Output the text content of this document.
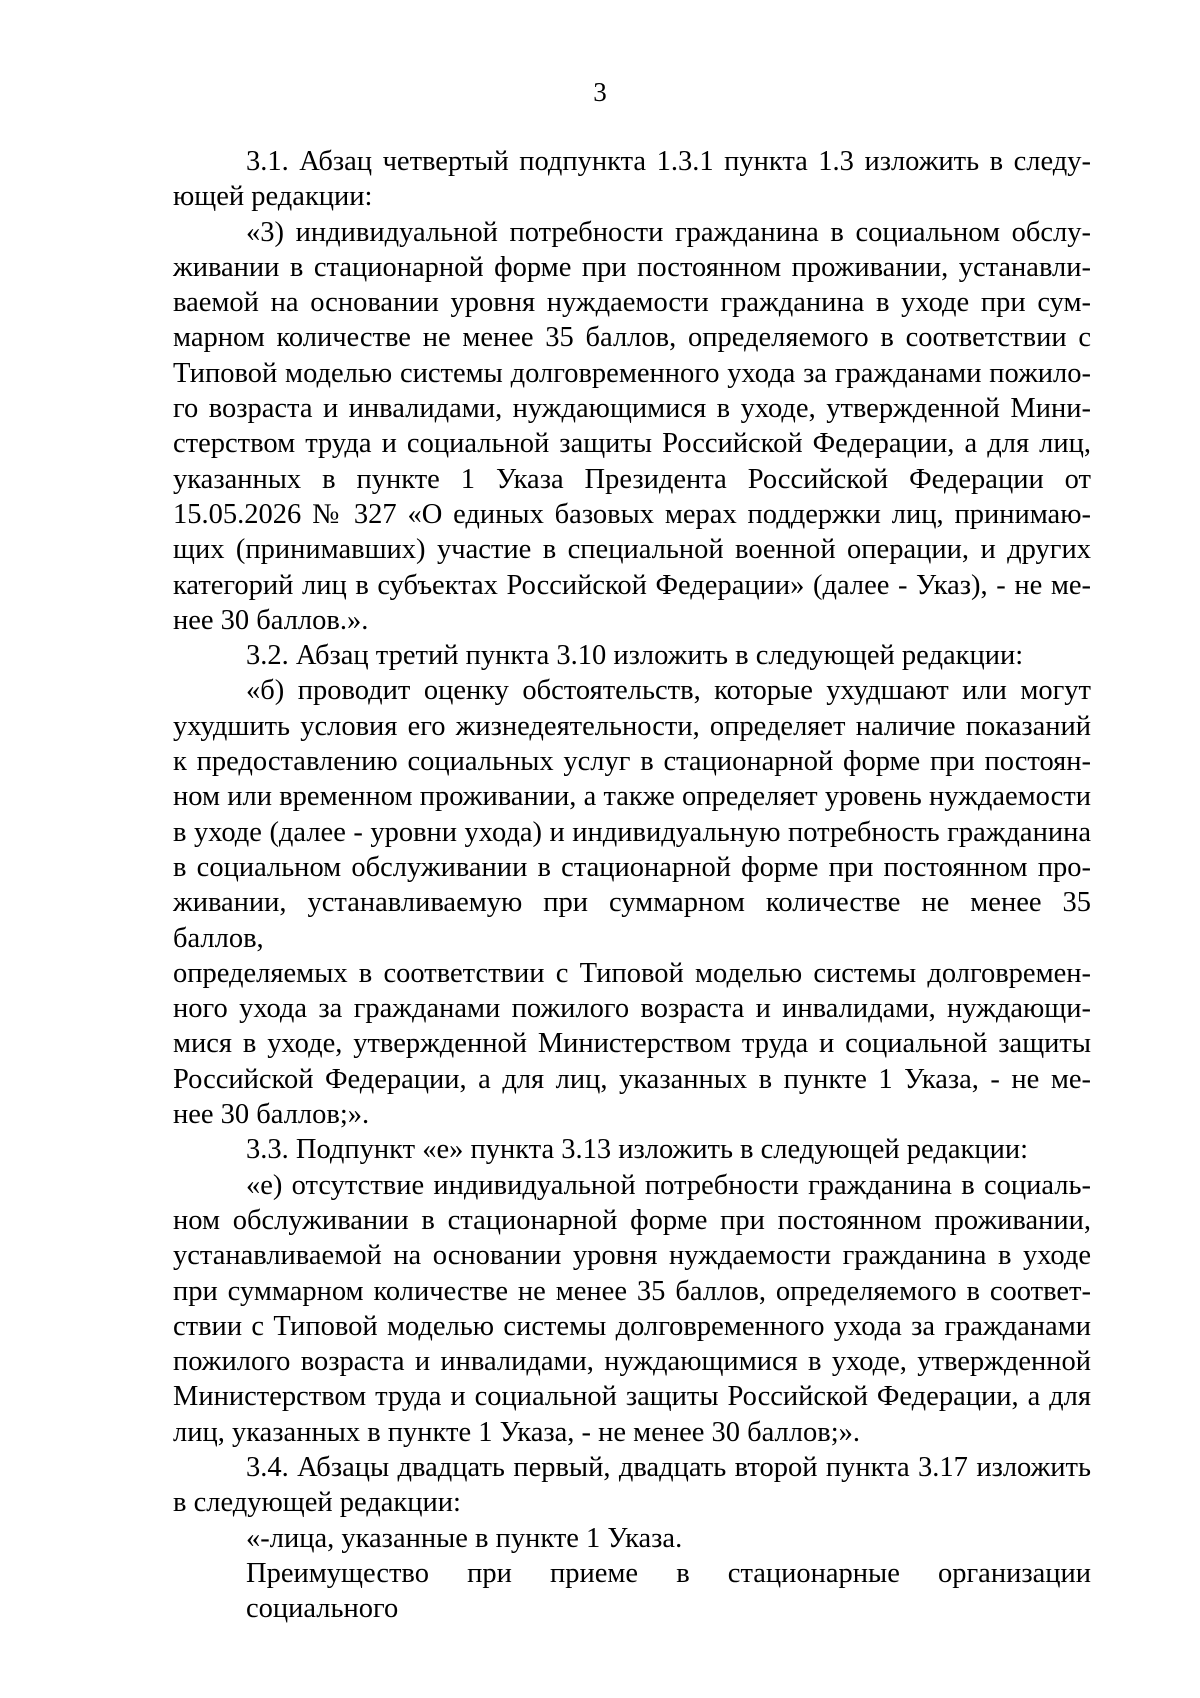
3
3.1. Абзац четвертый подпункта 1.3.1 пункта 1.3 изложить в следу-
ющей редакции:
«3) индивидуальной потребности гражданина в социальном обслу-
живании в стационарной форме при постоянном проживании, устанавли-
ваемой на основании уровня нуждаемости гражданина в уходе при сум-
марном количестве не менее 35 баллов, определяемого в соответствии с
Типовой моделью системы долговременного ухода за гражданами пожило-
го возраста и инвалидами, нуждающимися в уходе, утвержденной Мини-
стерством труда и социальной защиты Российской Федерации, а для лиц,
указанных в пункте 1 Указа Президента Российской Федерации от
15.05.2026 № 327 «О единых базовых мерах поддержки лиц, принимаю-
щих (принимавших) участие в специальной военной операции, и других
категорий лиц в субъектах Российской Федерации» (далее - Указ), - не ме-
нее 30 баллов.».
3.2. Абзац третий пункта 3.10 изложить в следующей редакции:
«б) проводит оценку обстоятельств, которые ухудшают или могут
ухудшить условия его жизнедеятельности, определяет наличие показаний
к предоставлению социальных услуг в стационарной форме при постоян-
ном или временном проживании, а также определяет уровень нуждаемости
в уходе (далее - уровни ухода) и индивидуальную потребность гражданина
в социальном обслуживании в стационарной форме при постоянном про-
живании, устанавливаемую при суммарном количестве не менее 35 баллов,
определяемых в соответствии с Типовой моделью системы долговремен-
ного ухода за гражданами пожилого возраста и инвалидами, нуждающи-
мися в уходе, утвержденной Министерством труда и социальной защиты
Российской Федерации, а для лиц, указанных в пункте 1 Указа, - не ме-
нее 30 баллов;».
3.3. Подпункт «е» пункта 3.13 изложить в следующей редакции:
«е) отсутствие индивидуальной потребности гражданина в социаль-
ном обслуживании в стационарной форме при постоянном проживании,
устанавливаемой на основании уровня нуждаемости гражданина в уходе
при суммарном количестве не менее 35 баллов, определяемого в соответ-
ствии с Типовой моделью системы долговременного ухода за гражданами
пожилого возраста и инвалидами, нуждающимися в уходе, утвержденной
Министерством труда и социальной защиты Российской Федерации, а для
лиц, указанных в пункте 1 Указа, - не менее 30 баллов;».
3.4. Абзацы двадцать первый, двадцать второй пункта 3.17 изложить
в следующей редакции:
«-лица, указанные в пункте 1 Указа.
Преимущество при приеме в стационарные организации социального
